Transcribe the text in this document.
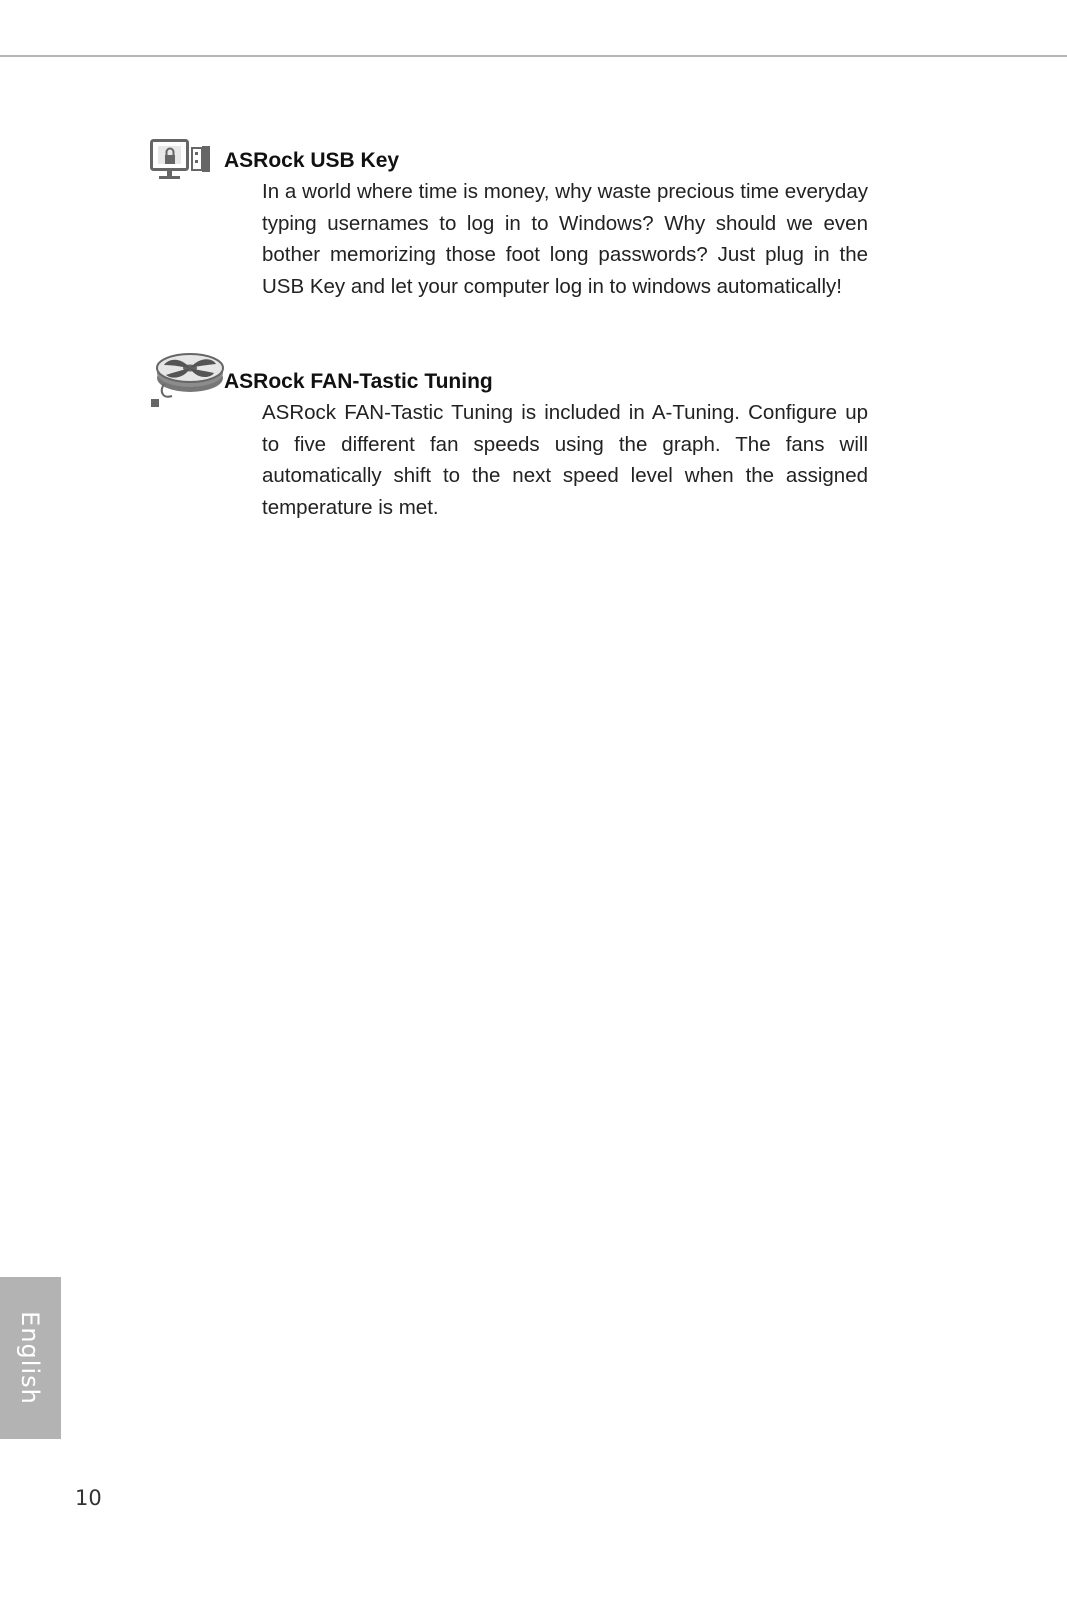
ASRock USB Key

In a world where time is money, why waste precious time everyday typing usernames to log in to Windows? Why should we even bother memorizing those foot long passwords? Just plug in the USB Key and let your computer log in to windows automatically!

ASRock FAN-Tastic Tuning

ASRock FAN-Tastic Tuning is included in A-Tuning. Configure up to five different fan speeds using the graph. The fans will automatically shift to the next speed level when the assigned temperature is met.

English
10
